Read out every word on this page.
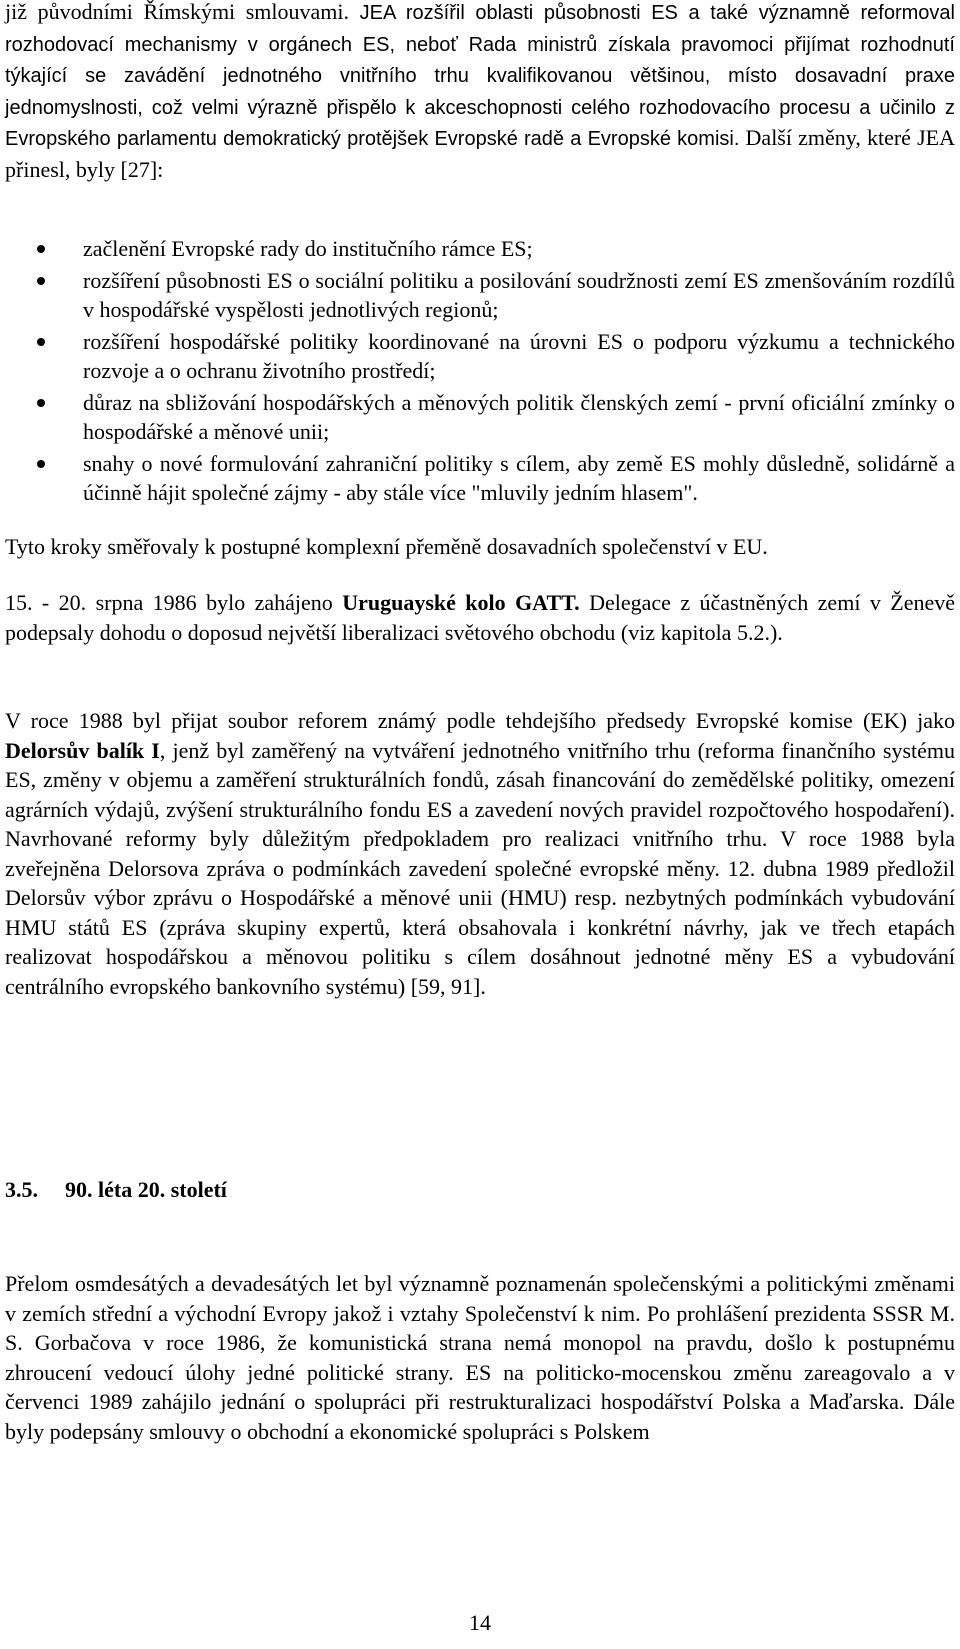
již původními Římskými smlouvami. JEA rozšířil oblasti působnosti ES a také významně reformoval rozhodovací mechanismy v orgánech ES, neboť Rada ministrů získala pravomoci přijímat rozhodnutí týkající se zavádění jednotného vnitřního trhu kvalifikovanou většinou, místo dosavadní praxe jednomyslnosti, což velmi výrazně přispělo k akceschopnosti celého rozhodovacího procesu a učinilo z Evropského parlamentu demokratický protějšek Evropské radě a Evropské komisi. Další změny, které JEA přinesl, byly [27]:

začlenění Evropské rady do institučního rámce ES;
rozšíření působnosti ES o sociální politiku a posilování soudržnosti zemí ES zmenšováním rozdílů v hospodářské vyspělosti jednotlivých regionů;
rozšíření hospodářské politiky koordinované na úrovni ES o podporu výzkumu a technického rozvoje a o ochranu životního prostředí;
důraz na sbližování hospodářských a měnových politik členských zemí - první oficiální zmínky o hospodářské a měnové unii;
snahy o nové formulování zahraniční politiky s cílem, aby země ES mohly důsledně, solidárně a účinně hájit společné zájmy - aby stále více "mluvily jedním hlasem".

Tyto kroky směřovaly k postupné komplexní přeměně dosavadních společenství v EU.

15. - 20. srpna 1986 bylo zahájeno Uruguayské kolo GATT. Delegace z účastněných zemí v Ženevě podepsaly dohodu o doposud největší liberalizaci světového obchodu (viz kapitola 5.2.).

V roce 1988 byl přijat soubor reforem známý podle tehdejšího předsedy Evropské komise (EK) jako Delorsův balík I, jenž byl zaměřený na vytváření jednotného vnitřního trhu (reforma finančního systému ES, změny v objemu a zaměření strukturálních fondů, zásah financování do zemědělské politiky, omezení agrárních výdajů, zvýšení strukturálního fondu ES a zavedení nových pravidel rozpočtového hospodaření). Navrhované reformy byly důležitým předpokladem pro realizaci vnitřního trhu. V roce 1988 byla zveřejněna Delorsova zpráva o podmínkách zavedení společné evropské měny. 12. dubna 1989 předložil Delorsův výbor zprávu o Hospodářské a měnové unii (HMU) resp. nezbytných podmínkách vybudování HMU států ES (zpráva skupiny expertů, která obsahovala i konkrétní návrhy, jak ve třech etapách realizovat hospodářskou a měnovou politiku s cílem dosáhnout jednotné měny ES a vybudování centrálního evropského bankovního systému) [59, 91].

3.5. 90. léta 20. století

Přelom osmdesátých a devadesátých let byl významně poznamenán společenskými a politickými změnami v zemích střední a východní Evropy jakož i vztahy Společenství k nim. Po prohlášení prezidenta SSSR M. S. Gorbačova v roce 1986, že komunistická strana nemá monopol na pravdu, došlo k postupnému zhroucení vedoucí úlohy jedné politické strany. ES na politicko-mocenskou změnu zareagovalo a v červenci 1989 zahájilo jednání o spolupráci při restrukturalizaci hospodářství Polska a Maďarska. Dále byly podepsány smlouvy o obchodní a ekonomické spolupráci s Polskem

14
